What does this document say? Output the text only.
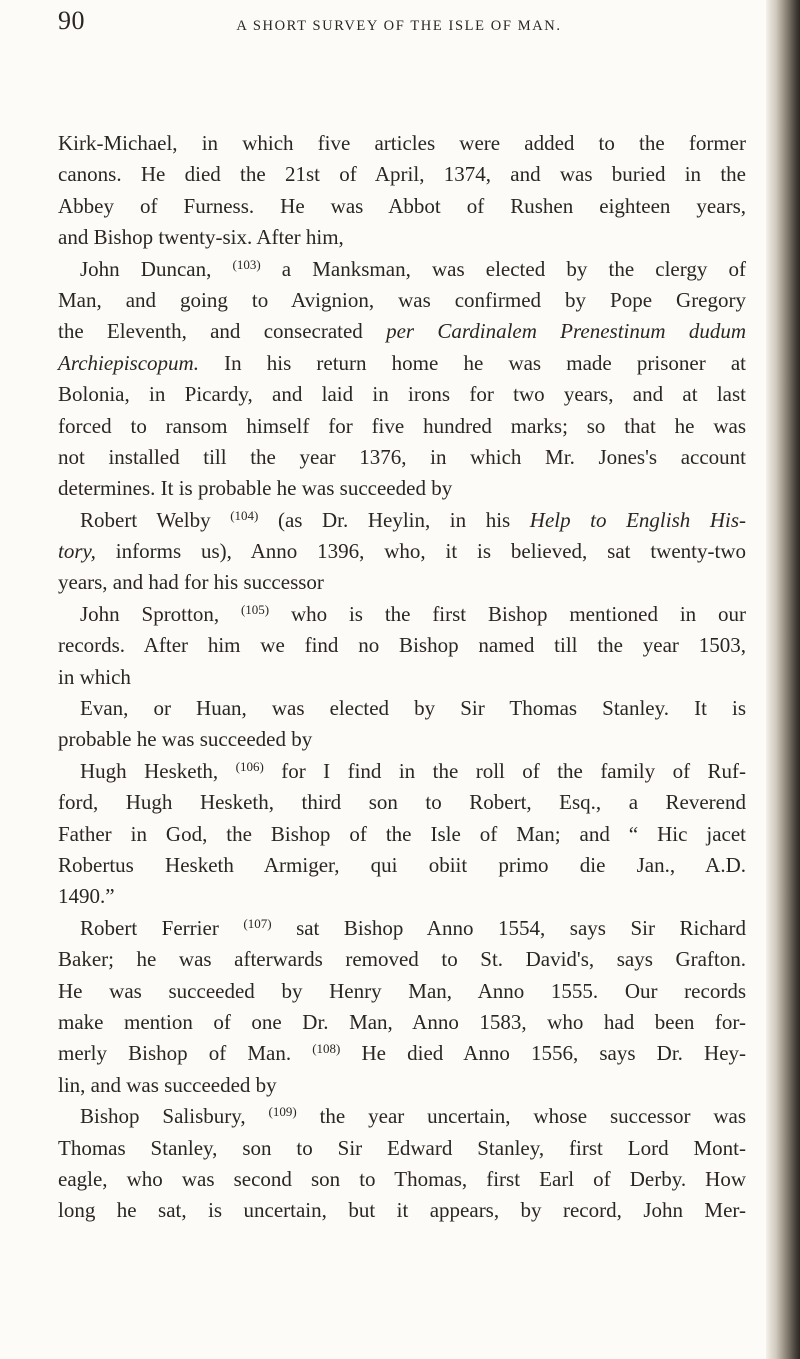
90	A SHORT SURVEY OF THE ISLE OF MAN.
Kirk-Michael, in which five articles were added to the former
canons. He died the 21st of April, 1374, and was buried in the
Abbey of Furness. He was Abbot of Rushen eighteen years,
and Bishop twenty-six. After him,
John Duncan, $^{(103)}$ a Manksman, was elected by the clergy of
Man, and going to Avignion, was confirmed by Pope Gregory
the Eleventh, and consecrated per Cardinalem Prenestinum dudum
Archiepiscopum. In his return home he was made prisoner at
Bolonia, in Picardy, and laid in irons for two years, and at last
forced to ransom himself for five hundred marks; so that he was
not installed till the year 1376, in which Mr. Jones's account
determines. It is probable he was succeeded by
Robert Welby $^{(104)}$ (as Dr. Heylin, in his Help to English His-
tory, informs us), Anno 1396, who, it is believed, sat twenty-two
years, and had for his successor
John Sprotton, $^{(105)}$ who is the first Bishop mentioned in our
records. After him we find no Bishop named till the year 1503,
in which
Evan, or Huan, was elected by Sir Thomas Stanley. It is
probable he was succeeded by
Hugh Hesketh, $^{(106)}$ for I find in the roll of the family of Ruf-
ford, Hugh Hesketh, third son to Robert, Esq., a Reverend
Father in God, the Bishop of the Isle of Man; and “ Hic jacet
Robertus Hesketh Armiger, qui obiit primo die Jan., A.D.
1490.”
Robert Ferrier $^{(107)}$ sat Bishop Anno 1554, says Sir Richard
Baker; he was afterwards removed to St. David's, says Grafton.
He was succeeded by Henry Man, Anno 1555. Our records
make mention of one Dr. Man, Anno 1583, who had been for-
merly Bishop of Man. $^{(108)}$ He died Anno 1556, says Dr. Hey-
lin, and was succeeded by
Bishop Salisbury, $^{(109)}$ the year uncertain, whose successor was
Thomas Stanley, son to Sir Edward Stanley, first Lord Mont-
eagle, who was second son to Thomas, first Earl of Derby. How
long he sat, is uncertain, but it appears, by record, John Mer-
